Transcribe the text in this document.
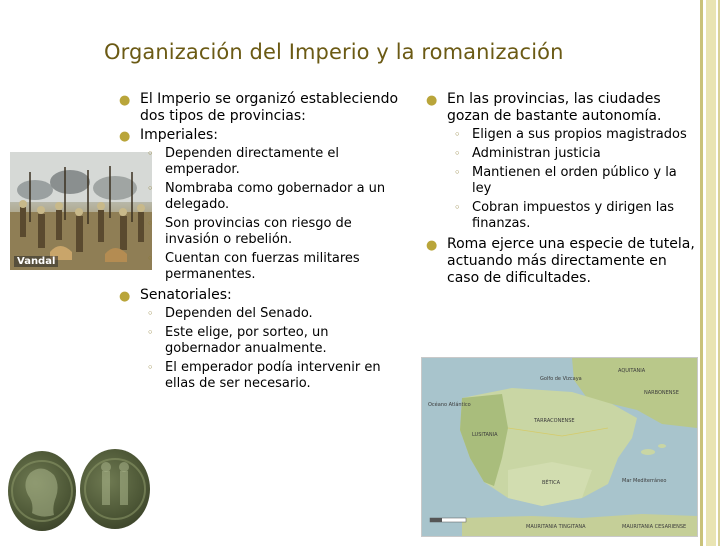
Organización del Imperio y la romanización
Vandal
● El Imperio se organizó estableciendo dos tipos de provincias:
● Imperiales:
◦ Dependen directamente el emperador.
◦ Nombraba como gobernador a un delegado.
◦ Son provincias con riesgo de invasión o rebelión.
◦ Cuentan con fuerzas militares permanentes.
● Senatoriales:
◦ Dependen del Senado.
◦ Este elige, por sorteo, un gobernador anualmente.
◦ El emperador podía intervenir en ellas de ser necesario.
● En las provincias, las ciudades gozan de bastante autonomía.
◦ Eligen a sus propios magistrados
◦ Administran justicia
◦ Mantienen el orden público y la ley
◦ Cobran impuestos y dirigen las finanzas.
● Roma ejerce una especie de tutela, actuando más directamente en caso de dificultades.
AQUITANIA
NARBONENSE
TARRACONENSE
LUSITANIA
BÉTICA
Océano Atlántico
Mar Mediterráneo
MAURITANIA TINGITANA	MAURITANIA CESARIENSE
Golfo de Vizcaya
